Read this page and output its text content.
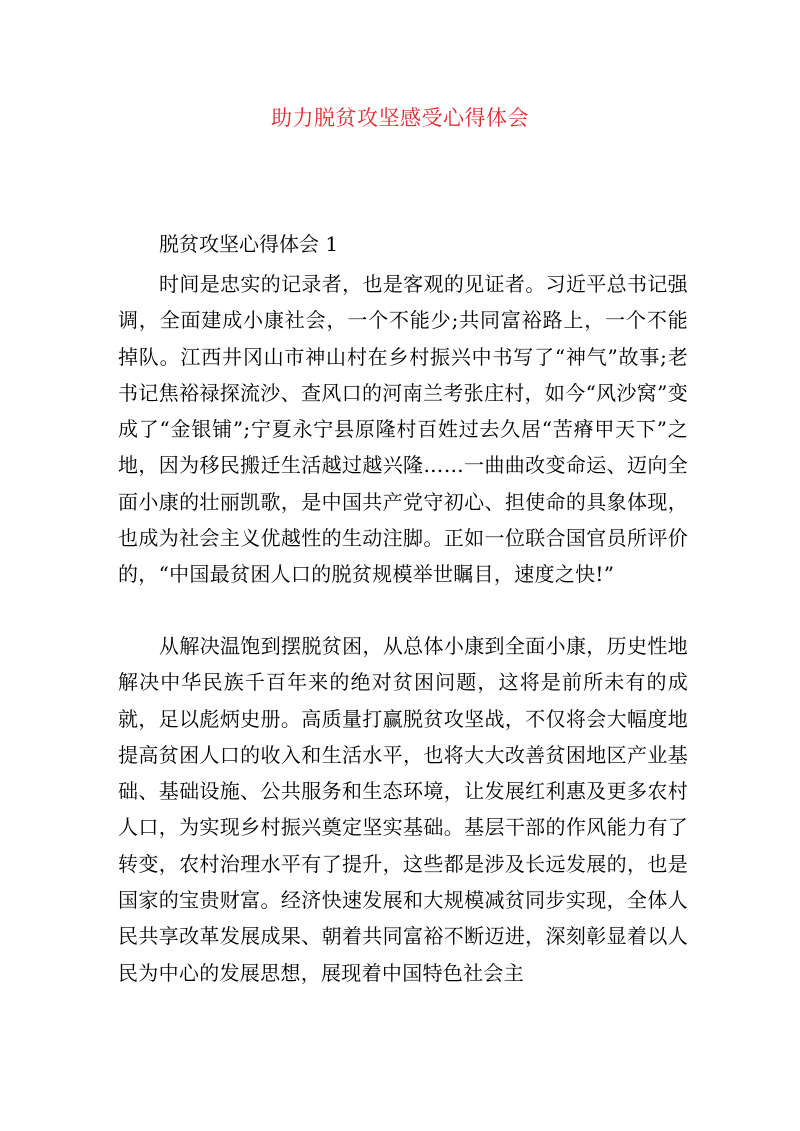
助力脱贫攻坚感受心得体会
脱贫攻坚心得体会 1

时间是忠实的记录者，也是客观的见证者。习近平总书记强调，全面建成小康社会，一个不能少;共同富裕路上，一个不能掉队。江西井冈山市神山村在乡村振兴中书写了“神气”故事;老书记焦裕禄探流沙、查风口的河南兰考张庄村，如今“风沙窝”变成了“金银铺”;宁夏永宁县原隆村百姓过去久居“苦瘠甲天下”之地，因为移民搬迁生活越过越兴隆……一曲曲改变命运、迈向全面小康的壮丽凯歌，是中国共产党守初心、担使命的具象体现，也成为社会主义优越性的生动注脚。正如一位联合国官员所评价的，“中国最贫困人口的脱贫规模举世瞩目，速度之快!”

从解决温饱到摆脱贫困，从总体小康到全面小康，历史性地解决中华民族千百年来的绝对贫困问题，这将是前所未有的成就，足以彪炳史册。高质量打赢脱贫攻坚战，不仅将会大幅度地提高贫困人口的收入和生活水平，也将大大改善贫困地区产业基础、基础设施、公共服务和生态环境，让发展红利惠及更多农村人口，为实现乡村振兴奠定坚实基础。基层干部的作风能力有了转变，农村治理水平有了提升，这些都是涉及长远发展的，也是国家的宝贵财富。经济快速发展和大规模减贫同步实现，全体人民共享改革发展成果、朝着共同富裕不断迈进，深刻彰显着以人民为中心的发展思想，展现着中国特色社会主
